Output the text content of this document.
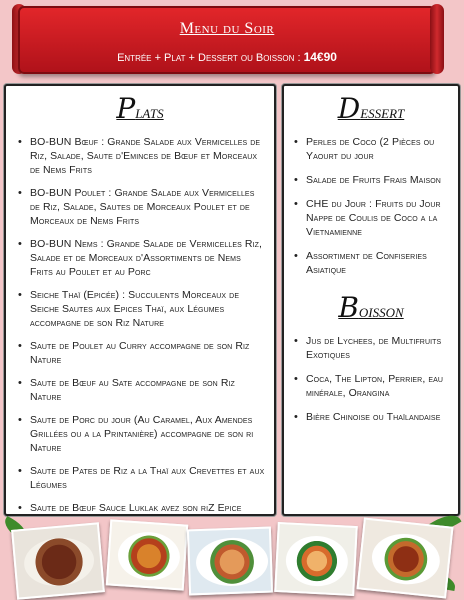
Menu du Soir
Entrée + Plat + Dessert ou Boisson : 14€90
Plats
• BO-BUN Bœuf : Grande Salade aux Vermicelles de Riz, Salade, Saute d'Eminces de Bœuf et Morceaux de Nems Frits
• BO-BUN Poulet : Grande Salade aux Vermicelles de Riz, Salade, Sautes de Morceaux Poulet et de Morceaux de Nems Frits
• BO-BUN Nems : Grande Salade de Vermicelles Riz, Salade et de Morceaux d'Assortiments de Nems Frits au Poulet et au Porc
• Seiche Thaï (Epicée) : Succulents Morceaux de Seiche Sautes aux Epices Thaï, aux Légumes accompagne de son Riz Nature
• Saute de Poulet au Curry accompagne de son Riz Nature
• Saute de Bœuf au Sate accompagne de son Riz Nature
• Saute de Porc du jour (Au Caramel, Aux Amendes Grillées ou a la Printanière) accompagne de son ri Nature
• Saute de Pates de Riz a la Thaï aux Crevettes et aux Légumes
• Saute de Bœuf Sauce Luklak avez son riZ Epice
Dessert
• Perles de Coco (2 Pièces ou Yaourt du jour
• Salade de Fruits Frais Maison
• CHE du Jour : Fruits du Jour Nappe de Coulis de Coco a la Vietnamienne
• Assortiment de Confiseries Asiatique
Boisson
• Jus de Lychees, de Multifruits Exotiques
• Coca, The Lipton, Perrier, eau minérale, Orangina
• Bière Chinoise ou Thaïlandaise
